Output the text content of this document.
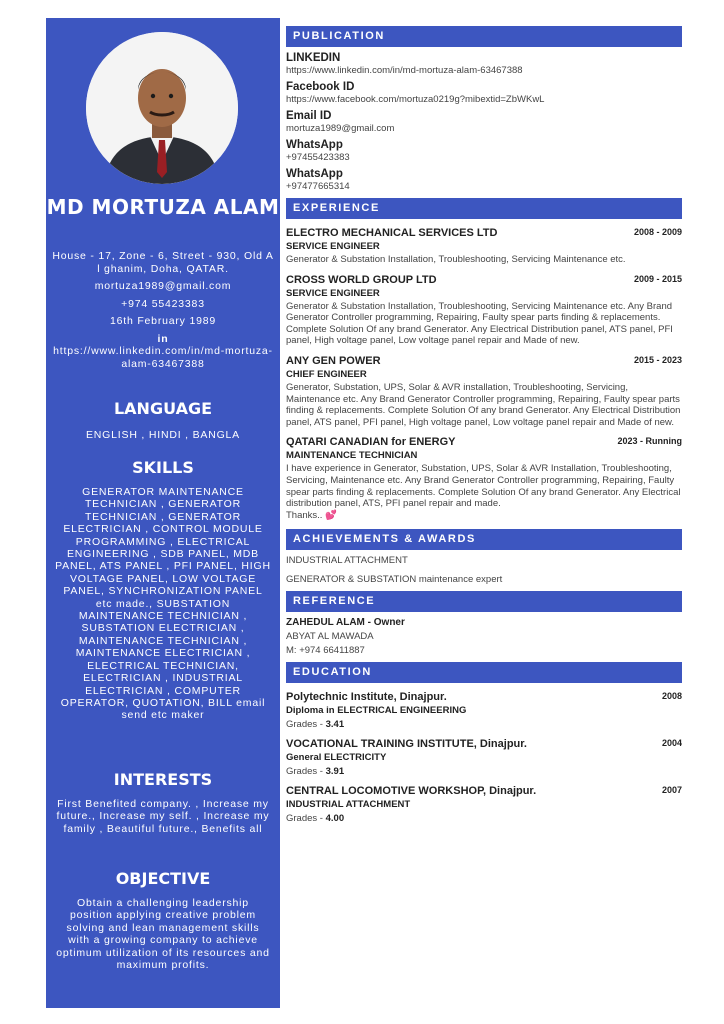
MD MORTUZA ALAM
House - 17, Zone - 6, Street - 930, Old Al ghanim, Doha, QATAR.
mortuza1989@gmail.com
+974 55423383
16th February 1989
in
https://www.linkedin.com/in/md-mortuza-alam-63467388
LANGUAGE
ENGLISH , HINDI , BANGLA
SKILLS
GENERATOR MAINTENANCE TECHNICIAN , GENERATOR TECHNICIAN , GENERATOR ELECTRICIAN , CONTROL MODULE PROGRAMMING , ELECTRICAL ENGINEERING , SDB PANEL, MDB PANEL, ATS PANEL , PFI PANEL, HIGH VOLTAGE PANEL, LOW VOLTAGE PANEL, SYNCHRONIZATION PANEL etc made., SUBSTATION MAINTENANCE TECHNICIAN , SUBSTATION ELECTRICIAN , MAINTENANCE TECHNICIAN , MAINTENANCE ELECTRICIAN , ELECTRICAL TECHNICIAN, ELECTRICIAN , INDUSTRIAL ELECTRICIAN , COMPUTER OPERATOR, QUOTATION, BILL email send etc maker
INTERESTS
First Benefited company. , Increase my future., Increase my self. , Increase my family , Beautiful future., Benefits all
OBJECTIVE
Obtain a challenging leadership position applying creative problem solving and lean management skills with a growing company to achieve optimum utilization of its resources and maximum profits.
PUBLICATION
LINKEDIN
https://www.linkedin.com/in/md-mortuza-alam-63467388
Facebook ID
https://www.facebook.com/mortuza0219g?mibextid=ZbWKwL
Email ID
mortuza1989@gmail.com
WhatsApp
+97455423383
WhatsApp
+97477665314
EXPERIENCE
ELECTRO MECHANICAL SERVICES LTD	2008 - 2009
SERVICE ENGINEER
Generator & Substation Installation, Troubleshooting, Servicing Maintenance etc.
CROSS WORLD GROUP LTD	2009 - 2015
SERVICE ENGINEER
Generator & Substation Installation, Troubleshooting, Servicing Maintenance etc. Any Brand Generator Controller programming, Repairing, Faulty spear parts finding & replacements. Complete Solution Of any brand Generator. Any Electrical Distribution panel, ATS panel, PFI panel, High voltage panel, Low voltage panel repair and Made of new.
ANY GEN POWER	2015 - 2023
CHIEF ENGINEER
Generator, Substation, UPS, Solar & AVR installation, Troubleshooting, Servicing, Maintenance etc. Any Brand Generator Controller programming, Repairing, Faulty spear parts finding & replacements. Complete Solution Of any brand Generator. Any Electrical Distribution panel, ATS panel, PFI panel, High voltage panel, Low voltage panel repair and Made of new.
QATARI CANADIAN for ENERGY	2023 - Running
MAINTENANCE TECHNICIAN
I have experience in Generator, Substation, UPS, Solar & AVR Installation, Troubleshooting, Servicing, Maintenance etc. Any Brand Generator Controller programming, Repairing, Faulty spear parts finding & replacements. Complete Solution Of any brand Generator. Any Electrical distribution panel, ATS, PFI panel repair and made.
Thanks.. 💕
ACHIEVEMENTS & AWARDS
INDUSTRIAL ATTACHMENT
GENERATOR & SUBSTATION maintenance expert
REFERENCE
ZAHEDUL ALAM - Owner
ABYAT AL MAWADA
M: +974 66411887
EDUCATION
Polytechnic Institute, Dinajpur.	2008
Diploma in ELECTRICAL ENGINEERING
Grades - 3.41
VOCATIONAL TRAINING INSTITUTE, Dinajpur.	2004
General ELECTRICITY
Grades - 3.91
CENTRAL LOCOMOTIVE WORKSHOP, Dinajpur.	2007
INDUSTRIAL ATTACHMENT
Grades - 4.00
